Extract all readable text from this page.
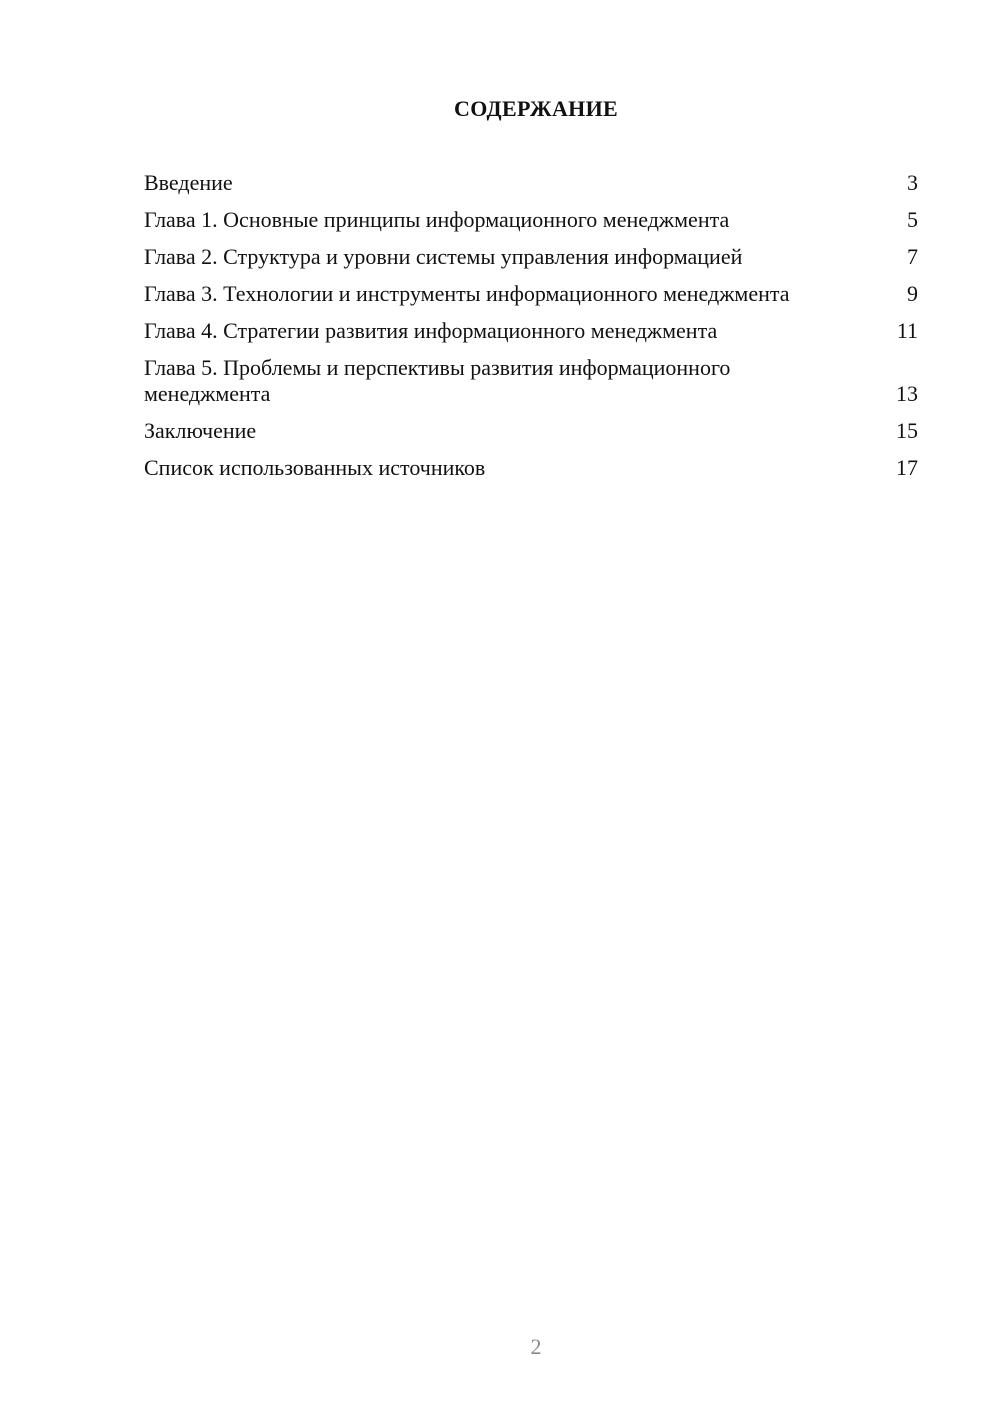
СОДЕРЖАНИЕ
Введение	3
Глава 1. Основные принципы информационного менеджмента	5
Глава 2. Структура и уровни системы управления информацией	7
Глава 3. Технологии и инструменты информационного менеджмента	9
Глава 4. Стратегии развития информационного менеджмента	11
Глава 5. Проблемы и перспективы развития информационного менеджмента	13
Заключение	15
Список использованных источников	17
2
